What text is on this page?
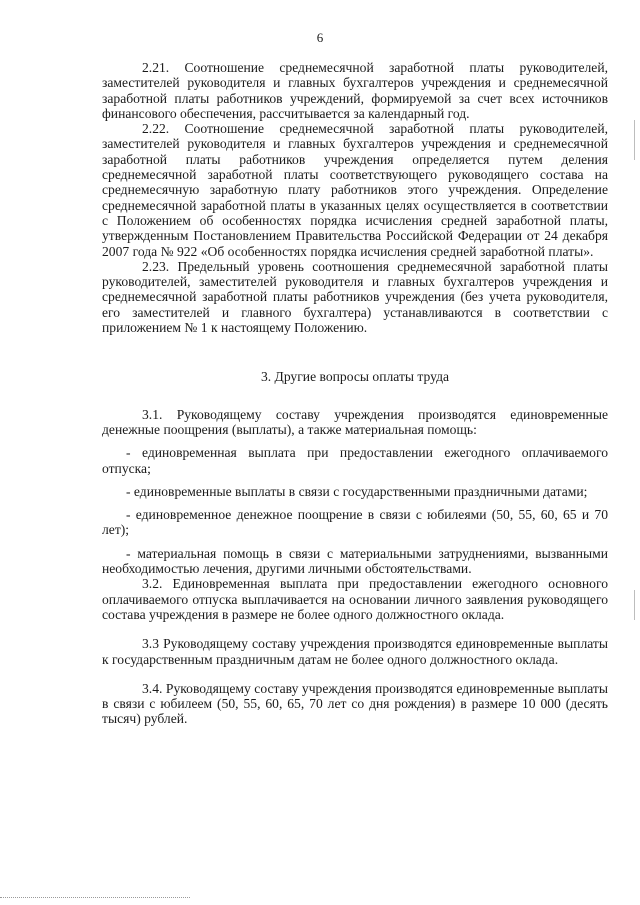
6

2.21. Соотношение среднемесячной заработной платы руководителей, заместителей руководителя и главных бухгалтеров учреждения и среднемесячной заработной платы работников учреждений, формируемой за счет всех источников финансового обеспечения, рассчитывается за календарный год.

2.22. Соотношение среднемесячной заработной платы руководителей, заместителей руководителя и главных бухгалтеров учреждения и среднемесячной заработной платы работников учреждения определяется путем деления среднемесячной заработной платы соответствующего руководящего состава на среднемесячную заработную плату работников этого учреждения. Определение среднемесячной заработной платы в указанных целях осуществляется в соответствии с Положением об особенностях порядка исчисления средней заработной платы, утвержденным Постановлением Правительства Российской Федерации от 24 декабря 2007 года № 922 «Об особенностях порядка исчисления средней заработной платы».

2.23. Предельный уровень соотношения среднемесячной заработной платы руководителей, заместителей руководителя и главных бухгалтеров учреждения и среднемесячной заработной платы работников учреждения (без учета руководителя, его заместителей и главного бухгалтера) устанавливаются в соответствии с приложением № 1 к настоящему Положению.

3. Другие вопросы оплаты труда

3.1. Руководящему составу учреждения производятся единовременные денежные поощрения (выплаты), а также материальная помощь:

- единовременная выплата при предоставлении ежегодного оплачиваемого отпуска;

- единовременные выплаты в связи с государственными праздничными датами;

- единовременное денежное поощрение в связи с юбилеями (50, 55, 60, 65 и 70 лет);

- материальная помощь в связи с материальными затруднениями, вызванными необходимостью лечения, другими личными обстоятельствами.

3.2. Единовременная выплата при предоставлении ежегодного основного оплачиваемого отпуска выплачивается на основании личного заявления руководящего состава учреждения в размере не более одного должностного оклада.

3.3 Руководящему составу учреждения производятся единовременные выплаты к государственным праздничным датам не более одного должностного оклада.

3.4. Руководящему составу учреждения производятся единовременные выплаты в связи с юбилеем (50, 55, 60, 65, 70 лет со дня рождения) в размере 10 000 (десять тысяч) рублей.
